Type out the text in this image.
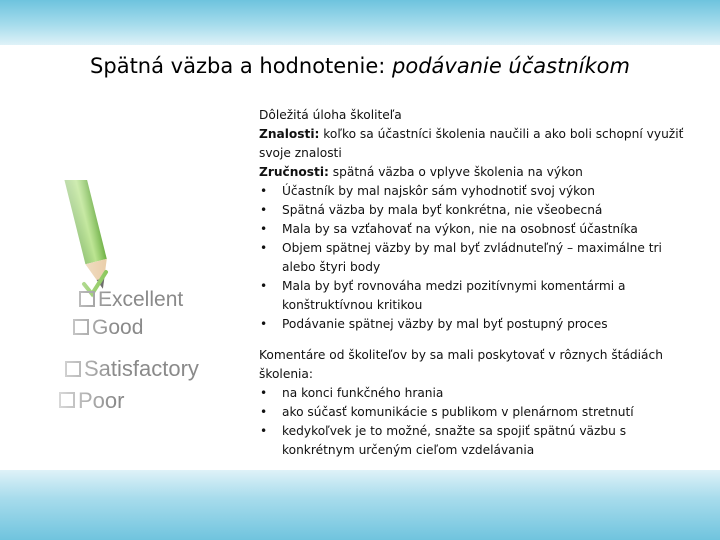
Spätná väzba a hodnotenie: podávanie účastníkom

Dôležitá úloha školiteľa

Znalosti: koľko sa účastníci školenia naučili a ako boli schopní využiť svoje znalosti

Zručnosti: spätná väzba o vplyve školenia na výkon

• Účastník by mal najskôr sám vyhodnotiť svoj výkon
• Spätná väzba by mala byť konkrétna, nie všeobecná
• Mala by sa vzťahovať na výkon, nie na osobnosť účastníka
• Objem spätnej väzby by mal byť zvládnuteľný – maximálne tri alebo štyri body
• Mala by byť rovnováha medzi pozitívnymi komentármi a konštruktívnou kritikou
• Podávanie spätnej väzby by mal byť postupný proces

Komentáre od školiteľov by sa mali poskytovať v rôznych štádiách školenia:

• na konci funkčného hrania
• ako súčasť komunikácie s publikom v plenárnom stretnutí
• kedykoľvek je to možné, snažte sa spojiť spätnú väzbu s konkrétnym určeným cieľom vzdelávania
